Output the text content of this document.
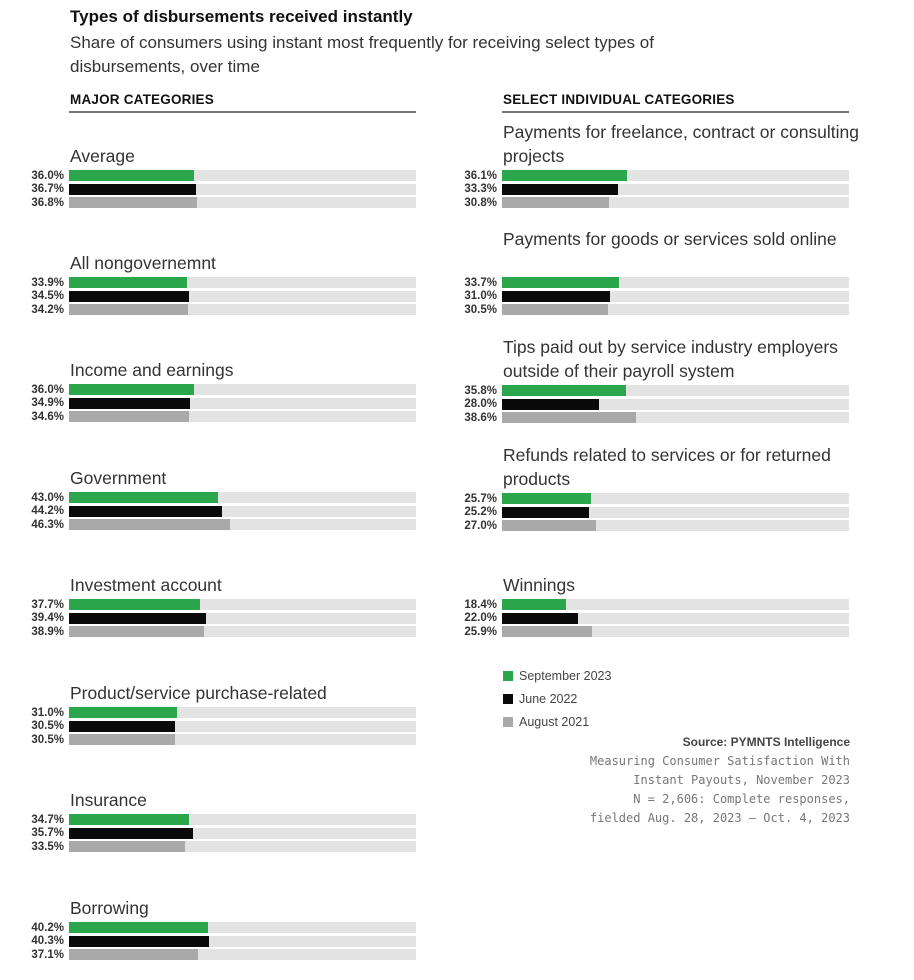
Types of disbursements received instantly
Share of consumers using instant most frequently for receiving select types of disbursements, over time
MAJOR CATEGORIES	SELECT INDIVIDUAL CATEGORIES
Average
36.0%
36.7%
36.8%
All nongovernemnt
33.9%
34.5%
34.2%
Income and earnings
36.0%
34.9%
34.6%
Government
43.0%
44.2%
46.3%
Investment account
37.7%
39.4%
38.9%
Product/service purchase-related
31.0%
30.5%
30.5%
Insurance
34.7%
35.7%
33.5%
Borrowing
40.2%
40.3%
37.1%
Payments for freelance, contract or consulting projects
36.1%
33.3%
30.8%
Payments for goods or services sold online
33.7%
31.0%
30.5%
Tips paid out by service industry employers outside of their payroll system
35.8%
28.0%
38.6%
Refunds related to services or for returned products
25.7%
25.2%
27.0%
Winnings
18.4%
22.0%
25.9%
September 2023
June 2022
August 2021
Source: PYMNTS Intelligence
Measuring Consumer Satisfaction With
Instant Payouts, November 2023
N = 2,606: Complete responses,
fielded Aug. 28, 2023 – Oct. 4, 2023
